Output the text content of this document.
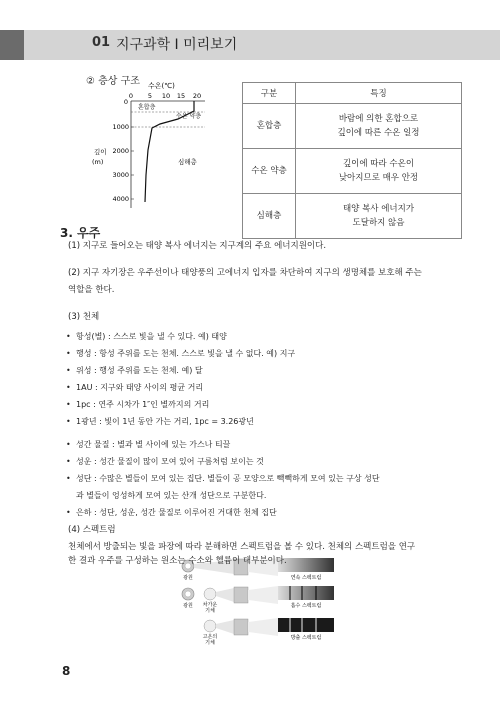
01 지구과학 I 미리보기
② 층상 구조 수온(℃)
0 5 10 15 20
0
1000
2000
3000
4000
깊이
(m)
혼합층
수온 약층
심해층
구분	특징
혼합층	바람에 의한 혼합으로
깊이에 따른 수온 일정
수온 약층	깊이에 따라 수온이
낮아지므로 매우 안정
심해층	태양 복사 에너지가
도달하지 않음
3. 우주
(1) 지구로 들어오는 태양 복사 에너지는 지구계의 주요 에너지원이다.
(2) 지구 자기장은 우주선이나 태양풍의 고에너지 입자를 차단하여 지구의 생명체를 보호해 주는
역할을 한다.
(3) 천체
• 항성(별) : 스스로 빛을 낼 수 있다. 예) 태양
• 행성 : 항성 주위를 도는 천체. 스스로 빛을 낼 수 없다. 예) 지구
• 위성 : 행성 주위를 도는 천체. 예) 달
• 1AU : 지구와 태양 사이의 평균 거리
• 1pc : 연주 시차가 1″인 별까지의 거리
• 1광년 : 빛이 1년 동안 가는 거리, 1pc = 3.26광년
• 성간 물질 : 별과 별 사이에 있는 가스나 티끌
• 성운 : 성간 물질이 많이 모여 있어 구름처럼 보이는 것
• 성단 : 수많은 별들이 모여 있는 집단. 별들이 공 모양으로 빽빽하게 모여 있는 구상 성단
과 별들이 엉성하게 모여 있는 산개 성단으로 구분한다.
• 은하 : 성단, 성운, 성간 물질로 이루어진 거대한 천체 집단
(4) 스펙트럼
천체에서 방출되는 빛을 파장에 따라 분해하면 스펙트럼을 볼 수 있다. 천체의 스펙트럼을 연구
광원	연속 스펙트럼
광원 차가운
기체
흡수 스펙트럼
고온의
기체
방출 스펙트럼
8
한 결과 우주를 구성하는 원소는 수소와 헬륨이 대부분이다.
